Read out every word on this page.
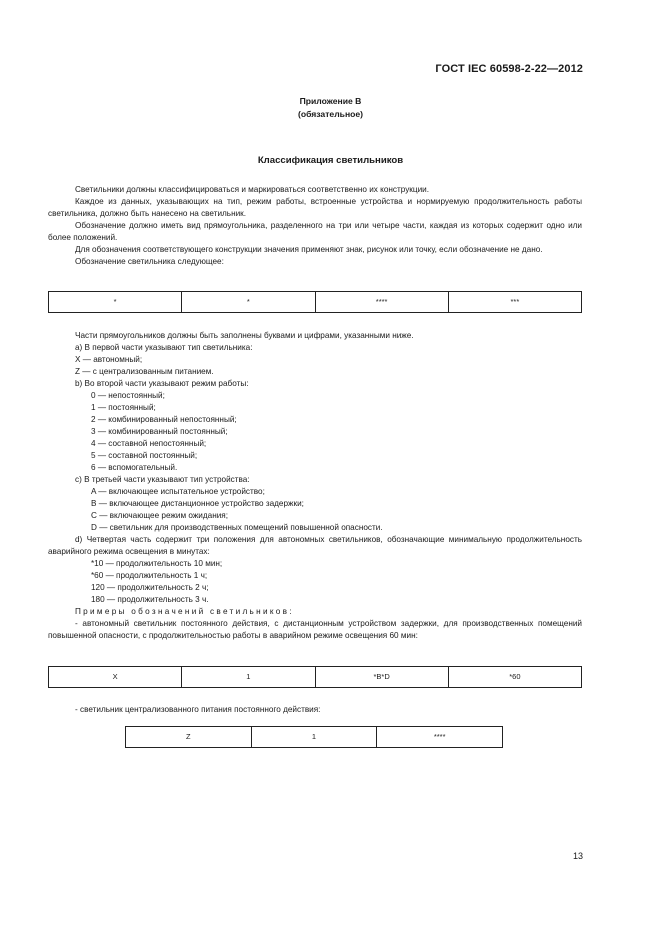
ГОСТ IEC 60598-2-22—2012
Приложение В
(обязательное)
Классификация светильников

Светильники должны классифицироваться и маркироваться соответственно их конструкции.

Каждое из данных, указывающих на тип, режим работы, встроенные устройства и нормируемую продолжительность работы светильника, должно быть нанесено на светильник.

Обозначение должно иметь вид прямоугольника, разделенного на три или четыре части, каждая из которых содержит одно или более положений.

Для обозначения соответствующего конструкции значения применяют знак, рисунок или точку, если обозначение не дано.

Обозначение светильника следующее:

*	*	****	***

Части прямоугольников должны быть заполнены буквами и цифрами, указанными ниже.

a) В первой части указывают тип светильника:

X — автономный;

Z — с централизованным питанием.

b) Во второй части указывают режим работы:

0 — непостоянный;

1 — постоянный;

2 — комбинированный непостоянный;

3 — комбинированный постоянный;

4 — составной непостоянный;

5 — составной постоянный;

6 — вспомогательный.

c) В третьей части указывают тип устройства:

A — включающее испытательное устройство;

B — включающее дистанционное устройство задержки;

C — включающее режим ожидания;

D — светильник для производственных помещений повышенной опасности.

d) Четвертая часть содержит три положения для автономных светильников, обозначающие минимальную продолжительность аварийного режима освещения в минутах:

*10 — продолжительность 10 мин;

*60 — продолжительность 1 ч;

120 — продолжительность 2 ч;

180 — продолжительность 3 ч.

Примеры обозначений светильников:

- автономный светильник постоянного действия, с дистанционным устройством задержки, для производственных помещений повышенной опасности, с продолжительностью работы в аварийном режиме освещения 60 мин:

X	1	*B*D	*60

- светильник централизованного питания постоянного действия:

Z	1	****
13
